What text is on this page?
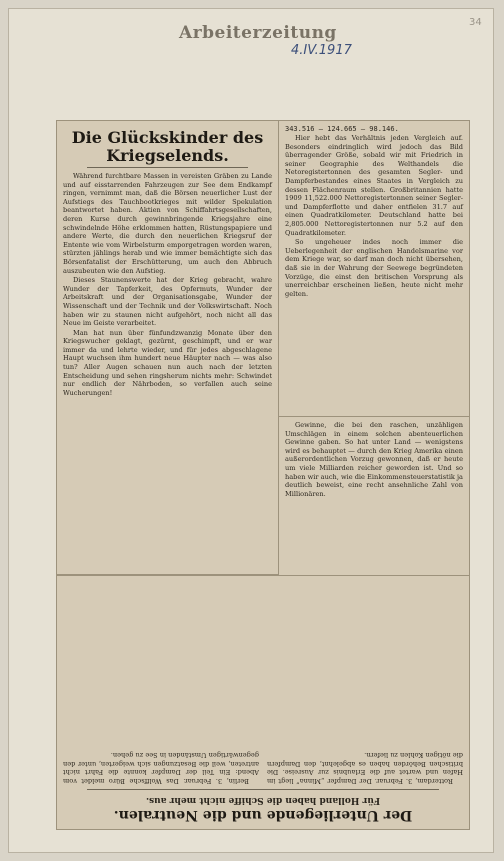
Arbeiterzeitung
4.IV.1917
34
Die Glückskinder des Kriegselends.

Während furchtbare Massen in vereisten Gräben zu Lande und auf eisstarrenden Fahrzeugen zur See dem Endkampf ringen, vernimmt man, daß die Börsen neuerlicher Lust der Aufstiegs des Tauchbootkrieges mit wilder Spekulation beantwortet haben. Aktien von Schiffahrtsgesellschaften, deren Kurse durch gewinnbringende Kriegsjahre eine schwindelnde Höhe erklommen hatten, Rüstungspapiere und andere Werte, die durch den neuerlichen Kriegsruf der Entente wie vom Wirbelsturm emporgetragen worden waren, stürzten jählings herab und wie immer bemächtigte sich das Börsenfatalist der Erschütterung, um auch den Abbruch auszubeuten wie den Aufstieg.

Dieses Staunenswerte hat der Krieg gebracht, wahre Wunder der Tapferkeit, des Opfermuts, Wunder der Arbeitskraft und der Organisationsgabe, Wunder der Wissenschaft und der Technik und der Volkswirtschaft. Noch haben wir zu staunen nicht aufgehört, noch nicht all das Neue im Geiste verarbeitet.

Man hat nun über fünfundzwanzig Monate über den Kriegswucher geklagt, gezürnt, geschimpft, und er war immer da und lehrte wieder, und für jedes abgeschlagene Haupt wuchsen ihm hundert neue Häupter nach — was also tun? Aller Augen schauen nun auch nach der letzten Entscheidung und sehen ringsherum nichts mehr: Schwindet nur endlich der Nährboden, so verfallen auch seine Wucherungen!

343.516 — 124.665 — 98.146.

Hier hebt das Verhältnis jeden Vergleich auf. Besonders eindringlich wird jedoch das Bild überragender Größe, sobald wir mit Friedrich in seiner Geographie des Welthandels die Netoregistertonnen des gesamten Segler- und Dampferbestandes eines Staates in Vergleich zu dessen Flächenraum stellen. Großbritannien hatte 1909 11,522.000 Nettoregistertonnen seiner Segler- und Dampferflotte und daher entfielen 31.7 auf einen Quadratkilometer. Deutschland hatte bei 2,805.000 Nettoregistertonnen nur 5.2 auf den Quadratkilometer.

So ungeheuer indes noch immer die Ueberlegenheit der englischen Handelsmarine vor dem Kriege war, so darf man doch nicht übersehen, daß sie in der Wahrung der Seewege begründeten Vorzüge, die einst den britischen Vorsprung als unerreichbar erscheinen ließen, heute nicht mehr gelten.

Gewinne, die bei den raschen, unzähligen Umschlägen in einem solchen abenteuerlichen Gewinne gaben. So hat unter Land — wenigstens wird es behauptet — durch den Krieg Amerika einen außerordentlichen Vorzug gewonnen, daß er heute um viele Milliarden reicher geworden ist. Und so haben wir auch, wie die Einkommensteuerstatistik ja deutlich beweist, eine recht ansehnliche Zahl von Millionären.

Der Unterliegende und die Neutralen.
Für Holland haben die Schiffe nicht mehr aus.

Rotterdam, 3. Februar. Der Dampfer „Minna“ liegt im Hafen und wartet auf die Erlaubnis zur Ausreise. Die britischen Behörden haben es abgelehnt, den Dampfern die nötigen Kohlen zu liefern.

Berlin, 3. Februar. Das Wolffsche Büro meldet vom Abend: Ein Teil der Dampfer konnte die Fahrt nicht antreten, weil die Besatzungen sich weigerten, unter den gegenwärtigen Umständen in See zu gehen.
